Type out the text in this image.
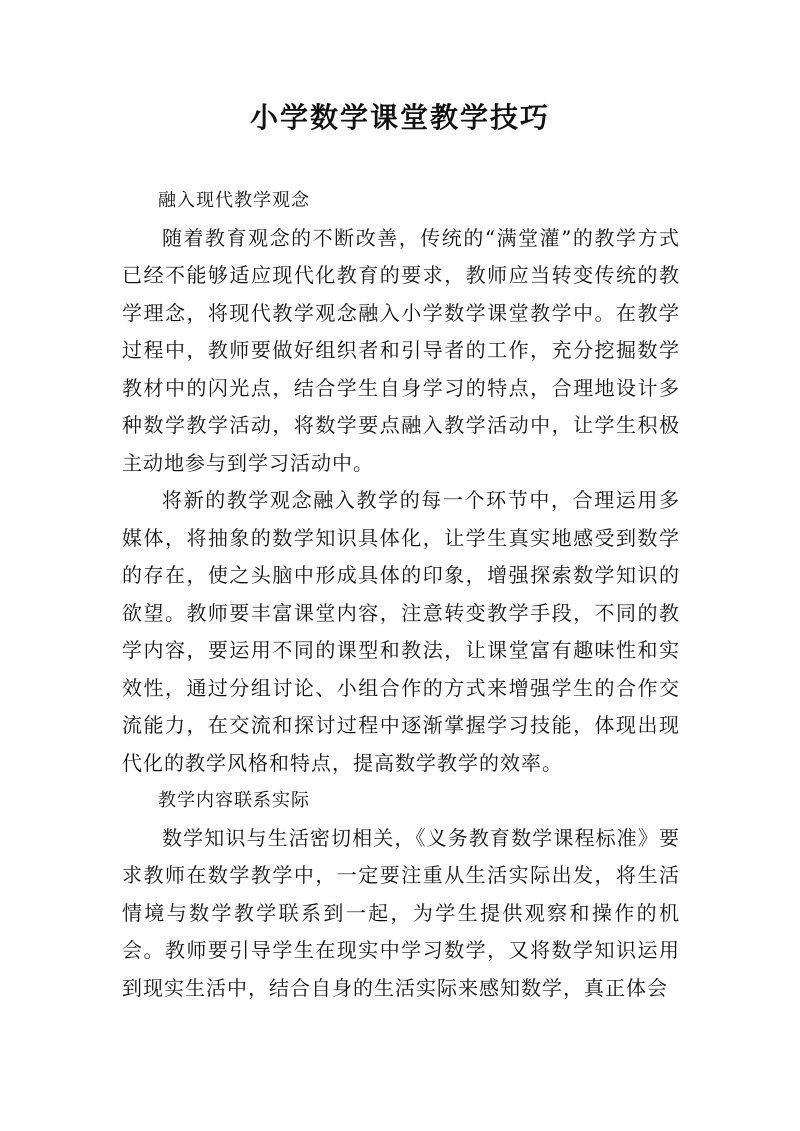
小学数学课堂教学技巧

融入现代教学观念

随着教育观念的不断改善，传统的“满堂灌”的教学方式已经不能够适应现代化教育的要求，教师应当转变传统的教学理念，将现代教学观念融入小学数学课堂教学中。在教学过程中，教师要做好组织者和引导者的工作，充分挖掘数学教材中的闪光点，结合学生自身学习的特点，合理地设计多种数学教学活动，将数学要点融入教学活动中，让学生积极主动地参与到学习活动中。

将新的教学观念融入教学的每一个环节中，合理运用多媒体，将抽象的数学知识具体化，让学生真实地感受到数学的存在，使之头脑中形成具体的印象，增强探索数学知识的欲望。教师要丰富课堂内容，注意转变教学手段，不同的教学内容，要运用不同的课型和教法，让课堂富有趣味性和实效性，通过分组讨论、小组合作的方式来增强学生的合作交流能力，在交流和探讨过程中逐渐掌握学习技能，体现出现代化的教学风格和特点，提高数学教学的效率。

教学内容联系实际

数学知识与生活密切相关，《义务教育数学课程标准》要求教师在数学教学中，一定要注重从生活实际出发，将生活情境与数学教学联系到一起，为学生提供观察和操作的机会。教师要引导学生在现实中学习数学，又将数学知识运用到现实生活中，结合自身的生活实际来感知数学，真正体会
